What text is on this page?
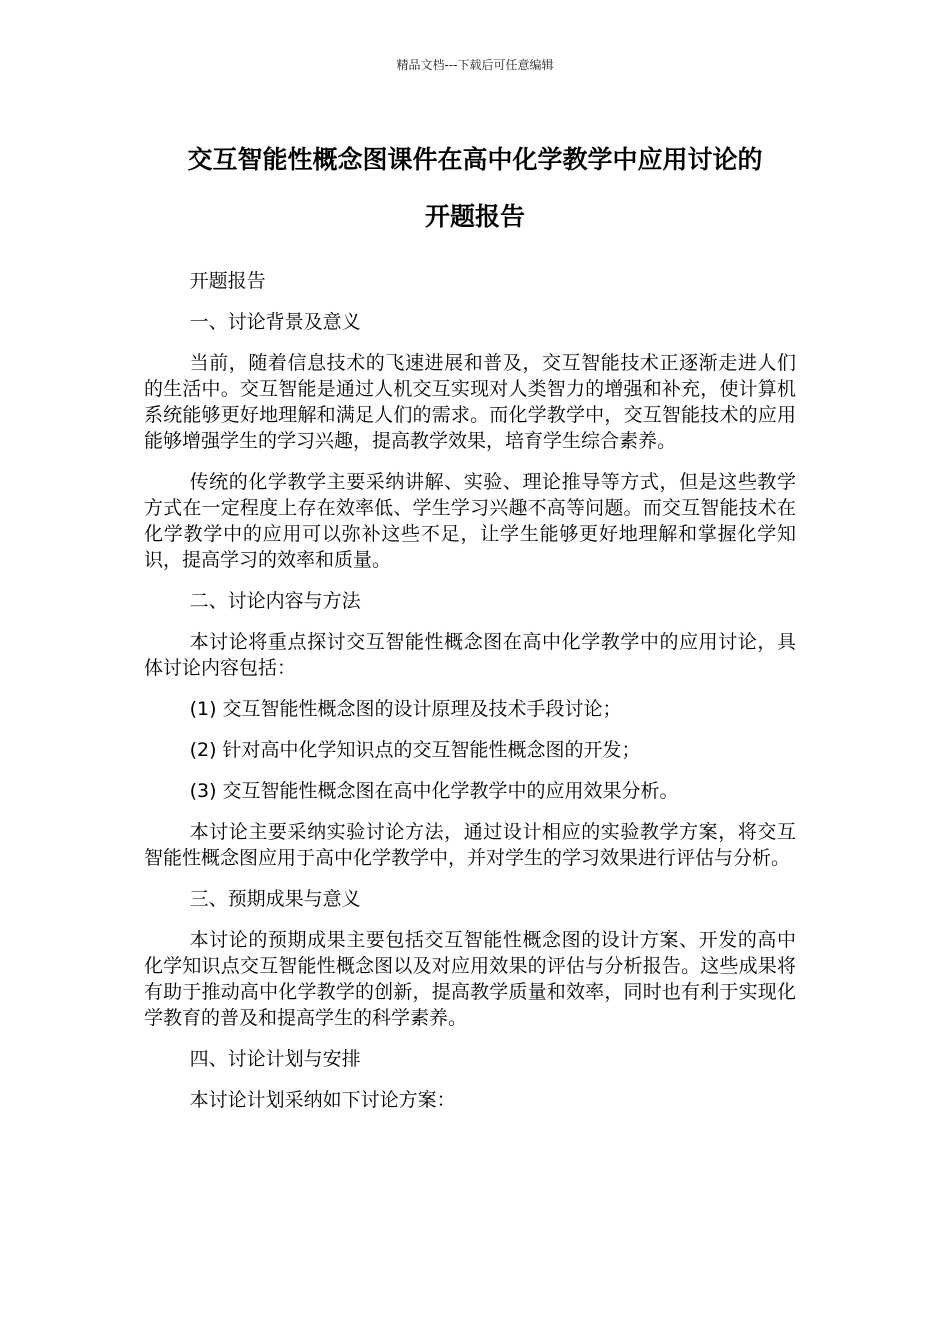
精品文档---下载后可任意编辑
交互智能性概念图课件在高中化学教学中应用讨论的
开题报告

开题报告

一、讨论背景及意义

当前，随着信息技术的飞速进展和普及，交互智能技术正逐渐走进人们的生活中。交互智能是通过人机交互实现对人类智力的增强和补充，使计算机系统能够更好地理解和满足人们的需求。而化学教学中，交互智能技术的应用能够增强学生的学习兴趣，提高教学效果，培育学生综合素养。

传统的化学教学主要采纳讲解、实验、理论推导等方式，但是这些教学方式在一定程度上存在效率低、学生学习兴趣不高等问题。而交互智能技术在化学教学中的应用可以弥补这些不足，让学生能够更好地理解和掌握化学知识，提高学习的效率和质量。

二、讨论内容与方法

本讨论将重点探讨交互智能性概念图在高中化学教学中的应用讨论，具体讨论内容包括：

(1) 交互智能性概念图的设计原理及技术手段讨论；

(2) 针对高中化学知识点的交互智能性概念图的开发；

(3) 交互智能性概念图在高中化学教学中的应用效果分析。

本讨论主要采纳实验讨论方法，通过设计相应的实验教学方案，将交互智能性概念图应用于高中化学教学中，并对学生的学习效果进行评估与分析。

三、预期成果与意义

本讨论的预期成果主要包括交互智能性概念图的设计方案、开发的高中化学知识点交互智能性概念图以及对应用效果的评估与分析报告。这些成果将有助于推动高中化学教学的创新，提高教学质量和效率，同时也有利于实现化学教育的普及和提高学生的科学素养。

四、讨论计划与安排

本讨论计划采纳如下讨论方案：
